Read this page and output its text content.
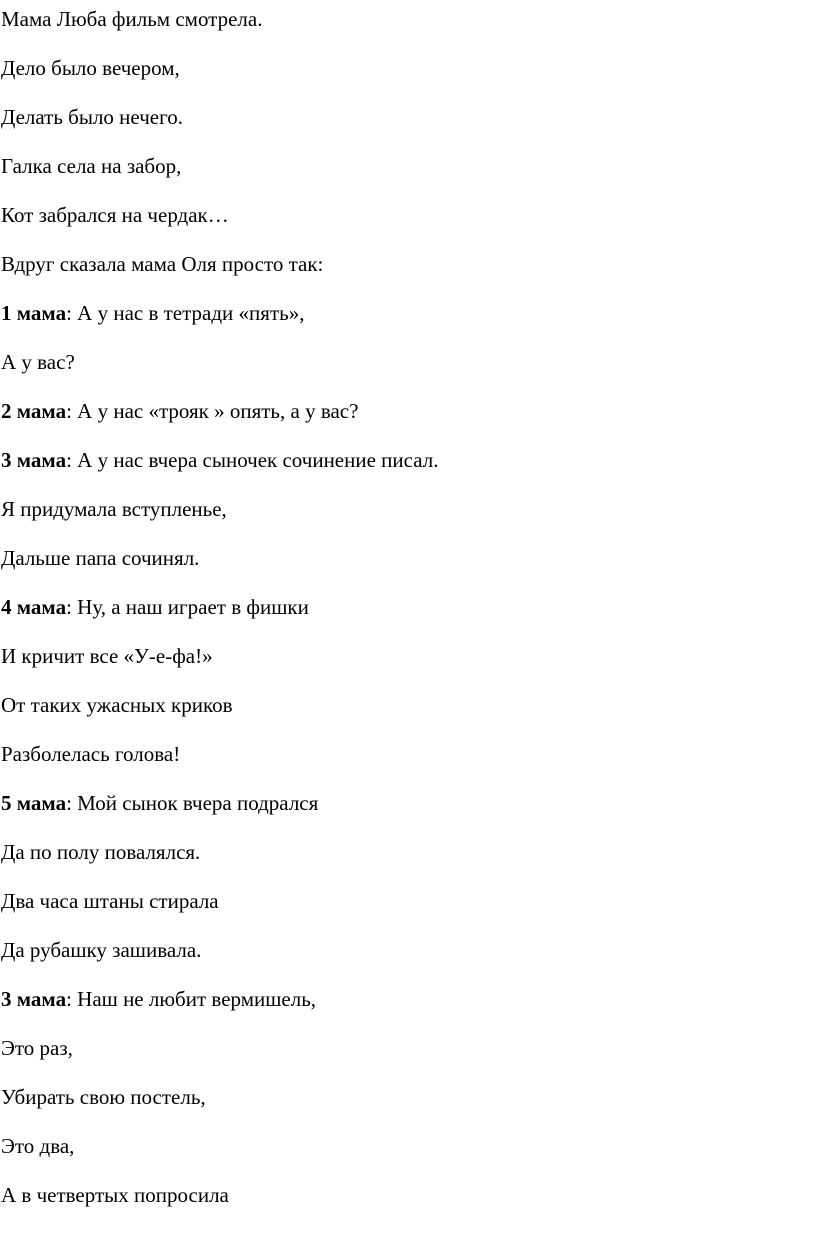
Мама Люба фильм смотрела.
Дело было вечером,
Делать было нечего.
Галка села на забор,
Кот забрался на чердак…
Вдруг сказала мама Оля просто так:
1 мама: А у нас в тетради «пять»,
А у вас?
2 мама: А у нас «трояк » опять, а у вас?
3 мама: А у нас вчера сыночек сочинение писал.
Я придумала вступленье,
Дальше папа сочинял.
4 мама: Ну, а наш играет в фишки
И кричит все «У-е-фа!»
От таких ужасных криков
Разболелась голова!
5 мама: Мой сынок вчера подрался
Да по полу повалялся.
Два часа штаны стирала
Да рубашку зашивала.
3 мама: Наш не любит вермишель,
Это раз,
Убирать свою постель,
Это два,
А в четвертых попросила
